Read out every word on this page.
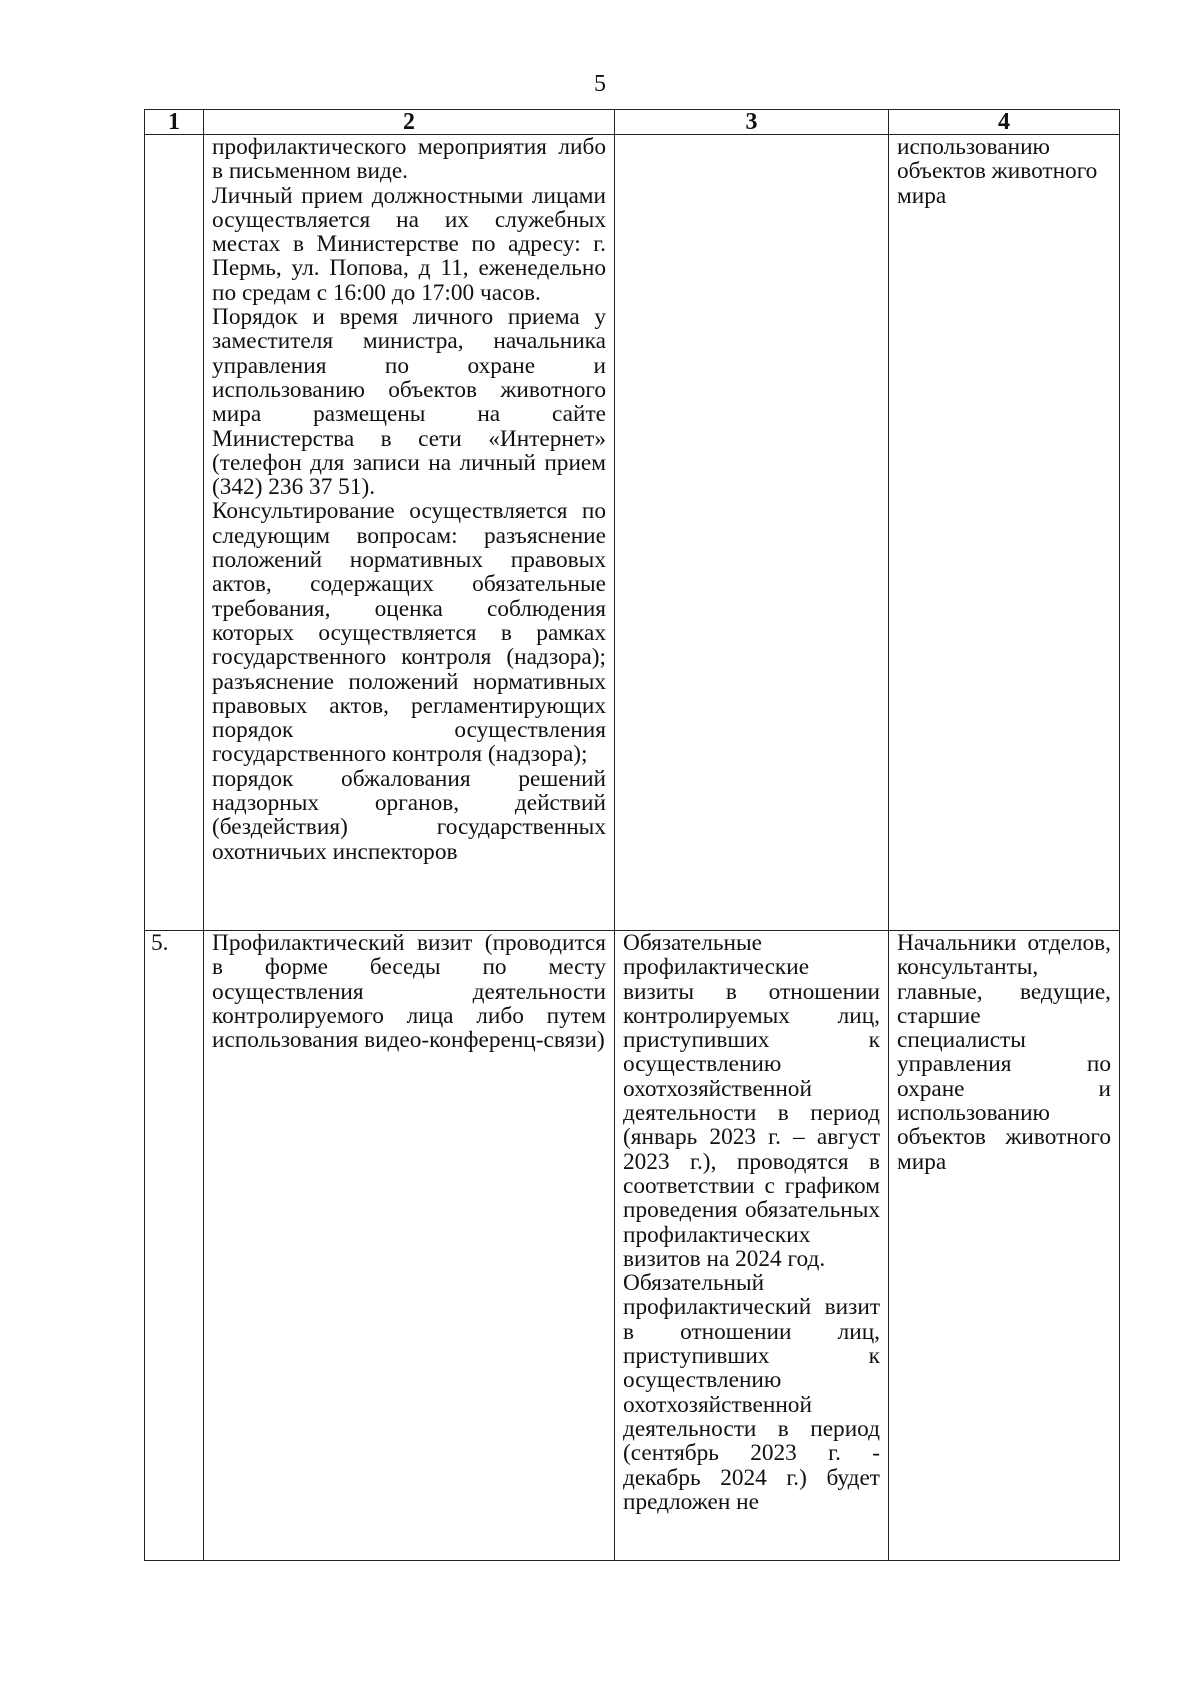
5
1	2	3	4

	профилактического мероприятия либо в письменном виде.

Личный прием должностными лицами осуществляется на их служебных местах в Министерстве по адресу: г. Пермь, ул. Попова, д 11, еженедельно по средам с 16:00 до 17:00 часов.

Порядок и время личного приема у заместителя министра, начальника управления по охране и использованию объектов животного мира размещены на сайте Министерства в сети «Интернет» (телефон для записи на личный прием (342) 236 37 51).

Консультирование осуществляется по следующим вопросам: разъяснение положений нормативных правовых актов, содержащих обязательные требования, оценка соблюдения которых осуществляется в рамках государственного контроля (надзора); разъяснение положений нормативных правовых актов, регламентирующих порядок осуществления государственного контроля (надзора);

порядок обжалования решений надзорных органов, действий (бездействия) государственных охотничьих инспекторов		использованию объектов животного мира

5.	Профилактический визит (проводится в форме беседы по месту осуществления деятельности контролируемого лица либо путем использования видео-конференц-связи)	Обязательные профилактические визиты в отношении контролируемых лиц, приступивших к осуществлению охотхозяйственной деятельности в период (январь 2023 г. – август 2023 г.), проводятся в соответствии с графиком проведения обязательных профилактических визитов на 2024 год.

Обязательный профилактический визит в отношении лиц, приступивших к осуществлению охотхозяйственной деятельности в период (сентябрь 2023 г. - декабрь 2024 г.) будет предложен не	Начальники отделов, консультанты, главные, ведущие, старшие специалисты управления по охране и использованию объектов животного мира
